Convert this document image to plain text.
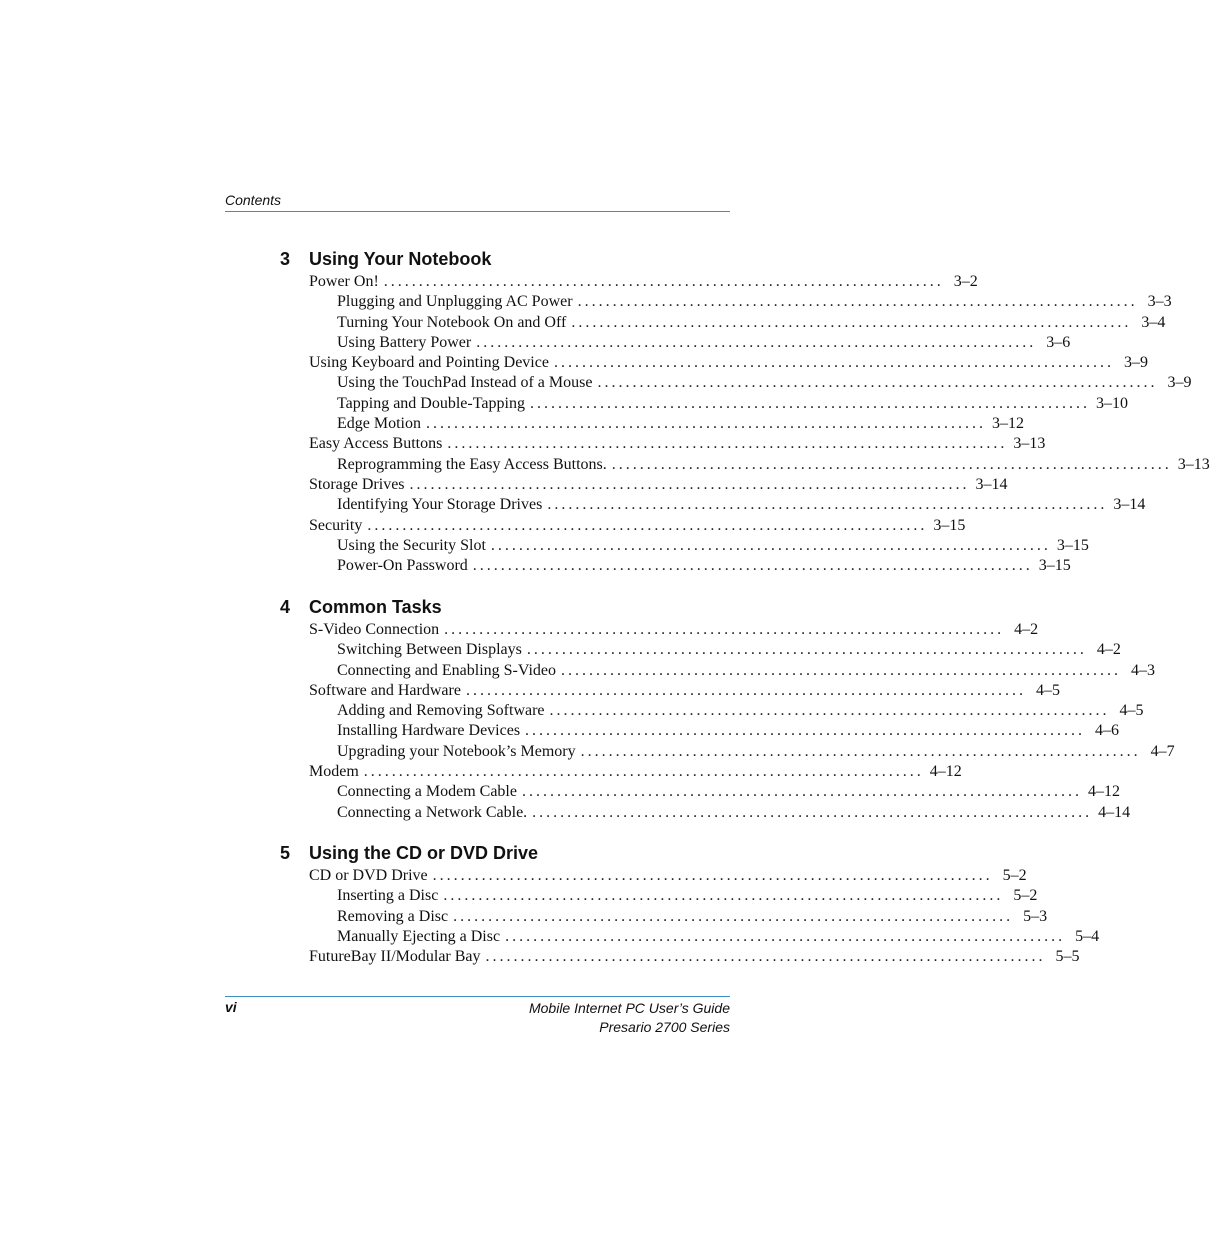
Contents
3 Using Your Notebook
Power On! ................................................................................ 3–2
Plugging and Unplugging AC Power ................................................................................ 3–3
Turning Your Notebook On and Off ................................................................................ 3–4
Using Battery Power ................................................................................ 3–6
Using Keyboard and Pointing Device ................................................................................ 3–9
Using the TouchPad Instead of a Mouse ................................................................................ 3–9
Tapping and Double-Tapping ................................................................................ 3–10
Edge Motion ................................................................................ 3–12
Easy Access Buttons ................................................................................ 3–13
Reprogramming the Easy Access Buttons. ................................................................................ 3–13
Storage Drives ................................................................................ 3–14
Identifying Your Storage Drives ................................................................................ 3–14
Security ................................................................................ 3–15
Using the Security Slot ................................................................................ 3–15
Power-On Password ................................................................................ 3–15
4 Common Tasks
S-Video Connection ................................................................................ 4–2
Switching Between Displays ................................................................................ 4–2
Connecting and Enabling S-Video ................................................................................ 4–3
Software and Hardware ................................................................................ 4–5
Adding and Removing Software ................................................................................ 4–5
Installing Hardware Devices ................................................................................ 4–6
Upgrading your Notebook’s Memory ................................................................................ 4–7
Modem ................................................................................ 4–12
Connecting a Modem Cable ................................................................................ 4–12
Connecting a Network Cable. ................................................................................ 4–14
5 Using the CD or DVD Drive
CD or DVD Drive ................................................................................ 5–2
Inserting a Disc ................................................................................ 5–2
Removing a Disc ................................................................................ 5–3
Manually Ejecting a Disc ................................................................................ 5–4
FutureBay II/Modular Bay ................................................................................ 5–5
vi	Mobile Internet PC User’s Guide
Presario 2700 Series
